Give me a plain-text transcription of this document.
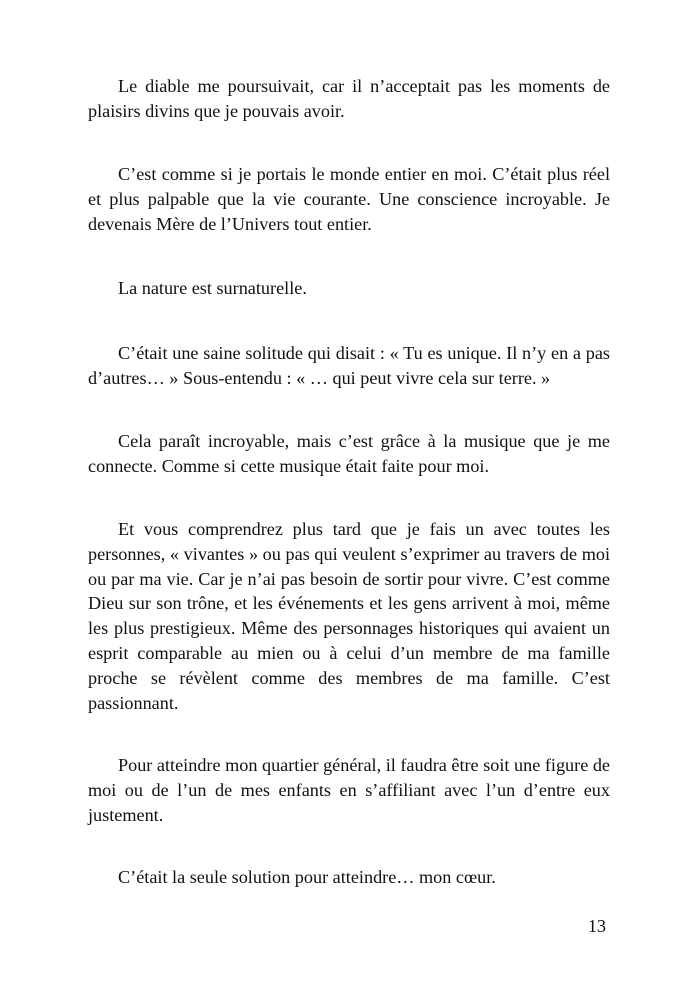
Le diable me poursuivait, car il n’acceptait pas les moments de plaisirs divins que je pouvais avoir.

C’est comme si je portais le monde entier en moi. C’était plus réel et plus palpable que la vie courante. Une conscience incroyable. Je devenais Mère de l’Univers tout entier.

La nature est surnaturelle.

C’était une saine solitude qui disait : « Tu es unique. Il n’y en a pas d’autres… » Sous-entendu : « … qui peut vivre cela sur terre. »

Cela paraît incroyable, mais c’est grâce à la musique que je me connecte. Comme si cette musique était faite pour moi.

Et vous comprendrez plus tard que je fais un avec toutes les personnes, « vivantes » ou pas qui veulent s’exprimer au travers de moi ou par ma vie. Car je n’ai pas besoin de sortir pour vivre. C’est comme Dieu sur son trône, et les événements et les gens arrivent à moi, même les plus prestigieux. Même des personnages historiques qui avaient un esprit comparable au mien ou à celui d’un membre de ma famille proche se révèlent comme des membres de ma famille. C’est passionnant.

Pour atteindre mon quartier général, il faudra être soit une figure de moi ou de l’un de mes enfants en s’affiliant avec l’un d’entre eux justement.

C’était la seule solution pour atteindre… mon cœur.

13
